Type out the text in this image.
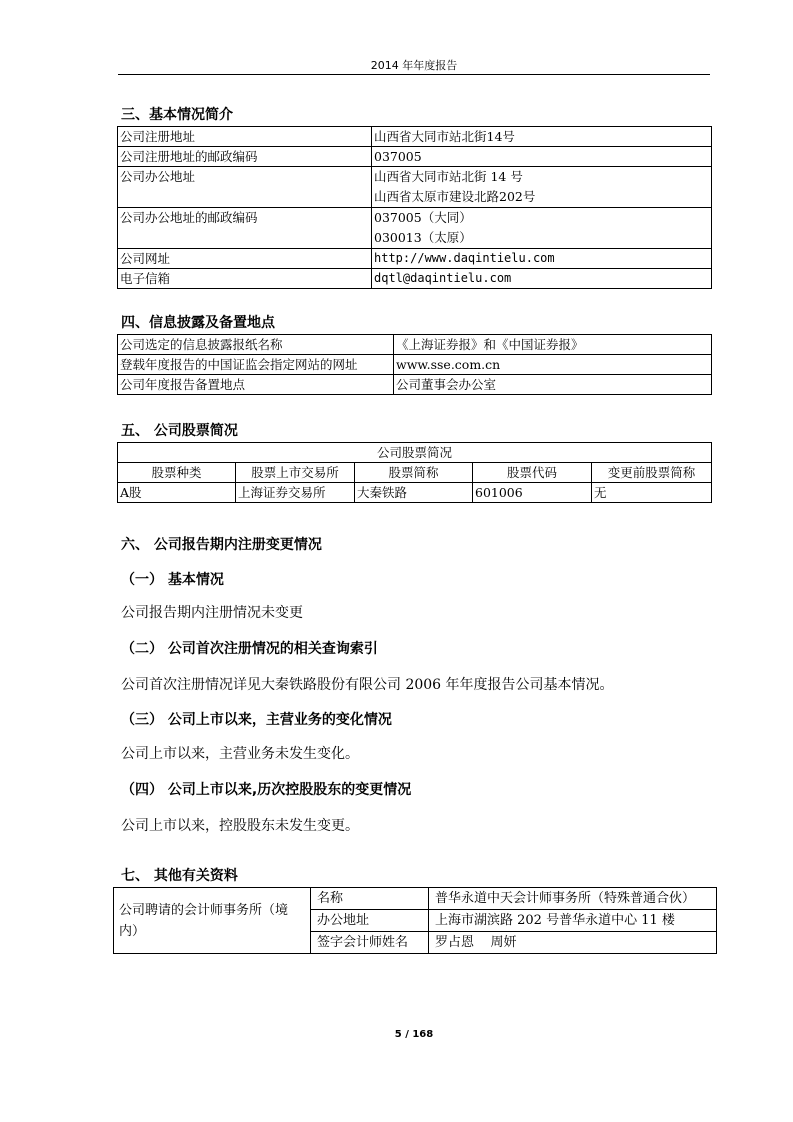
2014 年年度报告
三、基本情况简介
公司注册地址	山西省大同市站北街14号
公司注册地址的邮政编码	037005
公司办公地址	山西省大同市站北街 14 号
山西省太原市建设北路202号

公司办公地址的邮政编码	037005（大同）
030013（太原）

公司网址	http://www.daqintielu.com
电子信箱	dqtl@daqintielu.com
四、信息披露及备置地点
公司选定的信息披露报纸名称	《上海证券报》和《中国证券报》
登载年度报告的中国证监会指定网站的网址	www.sse.com.cn
公司年度报告备置地点	公司董事会办公室
五、 公司股票简况
公司股票简况				
股票种类	股票上市交易所	股票简称	股票代码	变更前股票简称
A股	上海证券交易所	大秦铁路	601006	无
六、 公司报告期内注册变更情况
（一） 基本情况
公司报告期内注册情况未变更
（二） 公司首次注册情况的相关查询索引
公司首次注册情况详见大秦铁路股份有限公司 2006 年年度报告公司基本情况。
（三） 公司上市以来，主营业务的变化情况
公司上市以来，主营业务未发生变化。
（四） 公司上市以来,历次控股股东的变更情况
公司上市以来，控股股东未发生变更。
七、 其他有关资料
公司聘请的会计师事务所（境
内）	名称	普华永道中天会计师事务所（特殊普通合伙）
	办公地址	上海市湖滨路 202 号普华永道中心 11 楼
	签字会计师姓名	罗占恩    周妍
5 / 168
